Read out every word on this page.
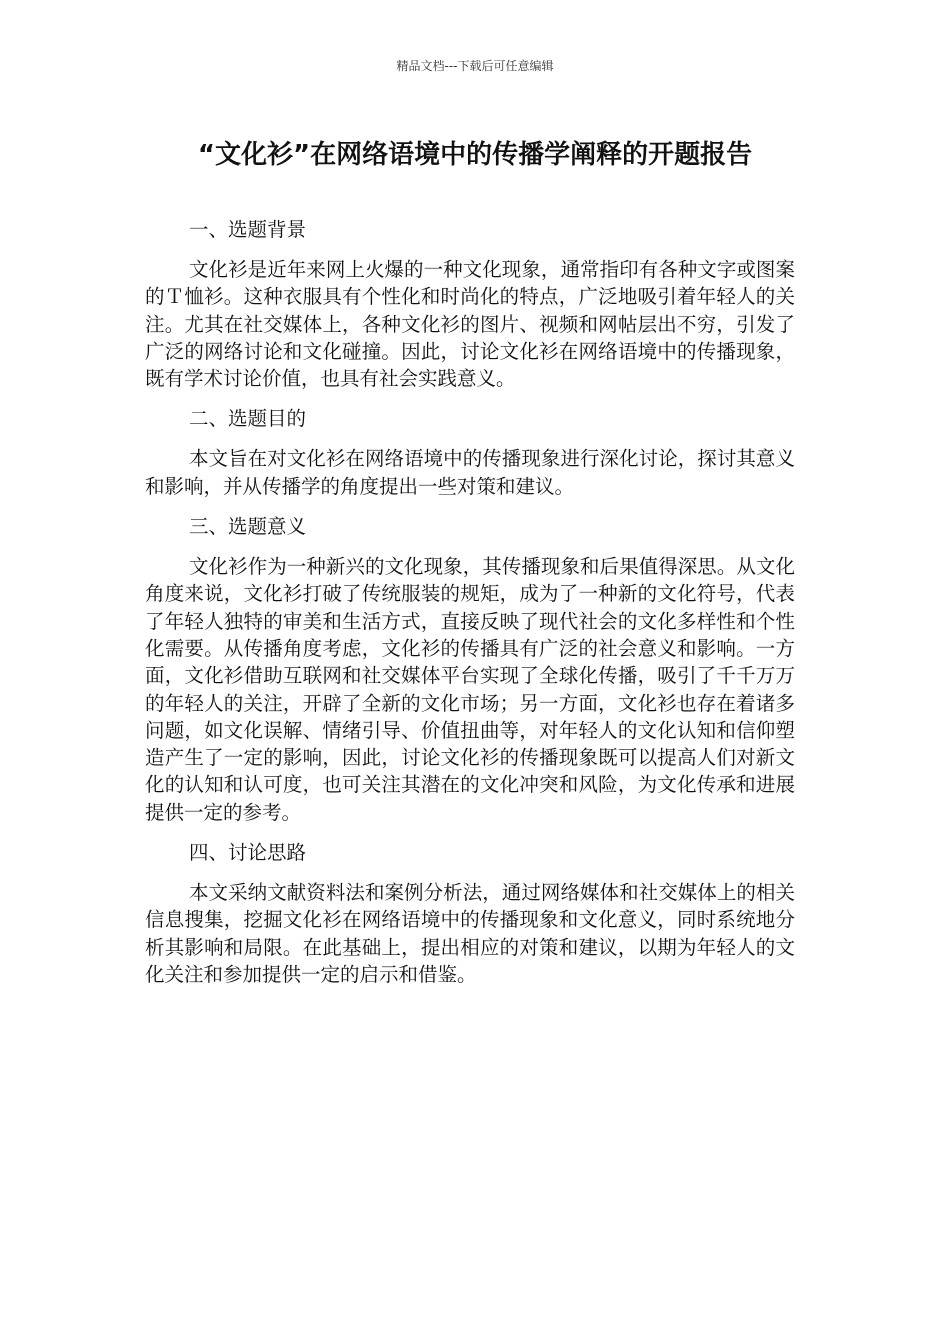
精品文档---下载后可任意编辑
“文化衫”在网络语境中的传播学阐释的开题报告

一、选题背景

文化衫是近年来网上火爆的一种文化现象，通常指印有各种文字或图案的Ｔ恤衫。这种衣服具有个性化和时尚化的特点，广泛地吸引着年轻人的关注。尤其在社交媒体上，各种文化衫的图片、视频和网帖层出不穷，引发了广泛的网络讨论和文化碰撞。因此，讨论文化衫在网络语境中的传播现象，既有学术讨论价值，也具有社会实践意义。

二、选题目的

本文旨在对文化衫在网络语境中的传播现象进行深化讨论，探讨其意义和影响，并从传播学的角度提出一些对策和建议。

三、选题意义

文化衫作为一种新兴的文化现象，其传播现象和后果值得深思。从文化角度来说，文化衫打破了传统服装的规矩，成为了一种新的文化符号，代表了年轻人独特的审美和生活方式，直接反映了现代社会的文化多样性和个性化需要。从传播角度考虑，文化衫的传播具有广泛的社会意义和影响。一方面，文化衫借助互联网和社交媒体平台实现了全球化传播，吸引了千千万万的年轻人的关注，开辟了全新的文化市场；另一方面，文化衫也存在着诸多问题，如文化误解、情绪引导、价值扭曲等，对年轻人的文化认知和信仰塑造产生了一定的影响，因此，讨论文化衫的传播现象既可以提高人们对新文化的认知和认可度，也可关注其潜在的文化冲突和风险，为文化传承和进展提供一定的参考。

四、讨论思路

本文采纳文献资料法和案例分析法，通过网络媒体和社交媒体上的相关信息搜集，挖掘文化衫在网络语境中的传播现象和文化意义，同时系统地分析其影响和局限。在此基础上，提出相应的对策和建议，以期为年轻人的文化关注和参加提供一定的启示和借鉴。
